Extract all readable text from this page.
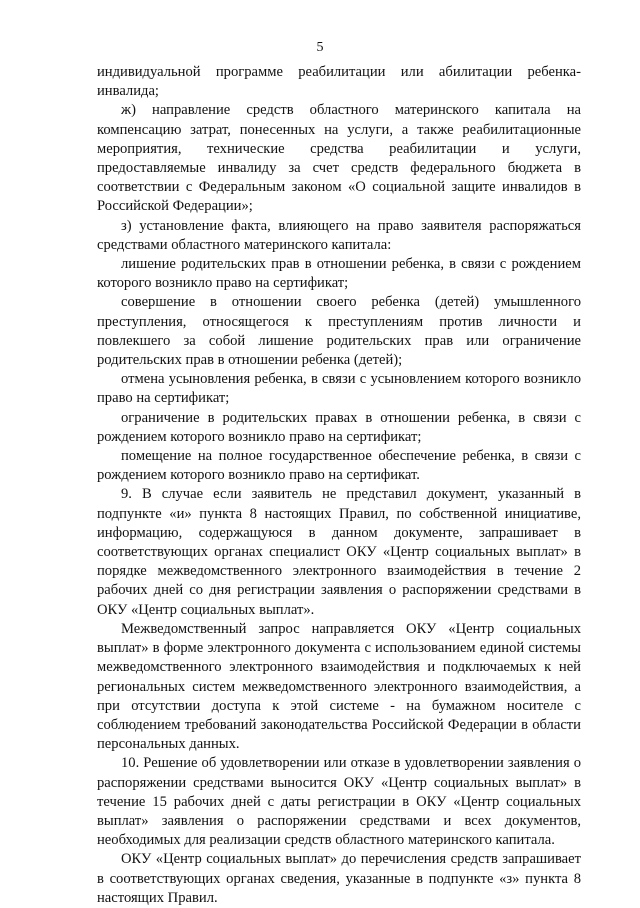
5

индивидуальной программе реабилитации или абилитации ребенка-инвалида;

ж) направление средств областного материнского капитала на компенсацию затрат, понесенных на услуги, а также реабилитационные мероприятия, технические средства реабилитации и услуги, предоставляемые инвалиду за счет средств федерального бюджета в соответствии с Федеральным законом «О социальной защите инвалидов в Российской Федерации»;

з) установление факта, влияющего на право заявителя распоряжаться средствами областного материнского капитала:

лишение родительских прав в отношении ребенка, в связи с рождением которого возникло право на сертификат;

совершение в отношении своего ребенка (детей) умышленного преступления, относящегося к преступлениям против личности и повлекшего за собой лишение родительских прав или ограничение родительских прав в отношении ребенка (детей);

отмена усыновления ребенка, в связи с усыновлением которого возникло право на сертификат;

ограничение в родительских правах в отношении ребенка, в связи с рождением которого возникло право на сертификат;

помещение на полное государственное обеспечение ребенка, в связи с рождением которого возникло право на сертификат.

9. В случае если заявитель не представил документ, указанный в подпункте «и» пункта 8 настоящих Правил, по собственной инициативе, информацию, содержащуюся в данном документе, запрашивает в соответствующих органах специалист ОКУ «Центр социальных выплат» в порядке межведомственного электронного взаимодействия в течение 2 рабочих дней со дня регистрации заявления о распоряжении средствами в ОКУ «Центр социальных выплат».

Межведомственный запрос направляется ОКУ «Центр социальных выплат» в форме электронного документа с использованием единой системы межведомственного электронного взаимодействия и подключаемых к ней региональных систем межведомственного электронного взаимодействия, а при отсутствии доступа к этой системе - на бумажном носителе с соблюдением требований законодательства Российской Федерации в области персональных данных.

10. Решение об удовлетворении или отказе в удовлетворении заявления о распоряжении средствами выносится ОКУ «Центр социальных выплат» в течение 15 рабочих дней с даты регистрации в ОКУ «Центр социальных выплат» заявления о распоряжении средствами и всех документов, необходимых для реализации средств областного материнского капитала.

ОКУ «Центр социальных выплат» до перечисления средств запрашивает в соответствующих органах сведения, указанные в подпункте «з» пункта 8 настоящих Правил.
